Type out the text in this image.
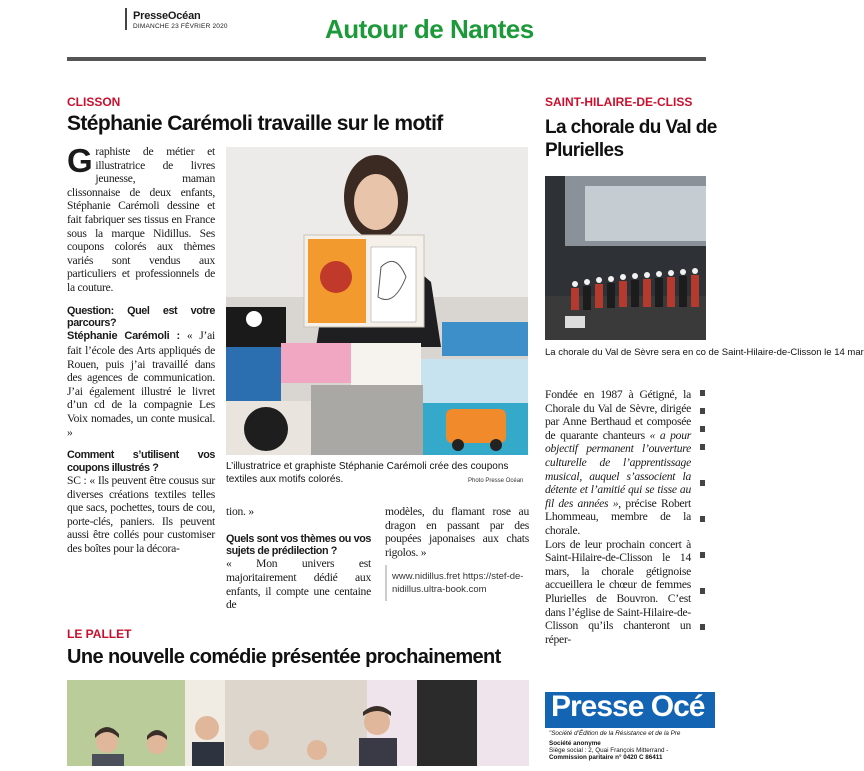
PresseOcéan
DIMANCHE 23 FÉVRIER 2020	Autour de Nantes
CLISSON
Stéphanie Carémoli travaille sur le motif
G raphiste de métier et illustratrice de livres jeunesse, maman clissonnaise de deux enfants, Stéphanie Carémoli dessine et fait fabriquer ses tissus en France sous la marque Nidillus. Ses coupons colorés aux thèmes variés sont vendus aux particuliers et professionnels de la couture.

Question: Quel est votre parcours?

Stéphanie Carémoli : « J’ai fait l’école des Arts appliqués de Rouen, puis j’ai travaillé dans des agences de communication. J’ai également illustré le livret d’un cd de la compagnie Les Voix nomades, un conte musical. »

Comment s’utilisent vos coupons illustrés ?

SC : « Ils peuvent être cousus sur diverses créations textiles telles que sacs, pochettes, tours de cou, porte-clés, paniers. Ils peuvent aussi être collés pour customiser des boîtes pour la décora-

L’illustratrice et graphiste Stéphanie Carémoli crée des coupons textiles aux motifs colorés.	Photo Presse Océan

tion. »

Quels sont vos thèmes ou vos sujets de prédilection ?

« Mon univers est majoritairement dédié aux enfants, il compte une centaine de

modèles, du flamant rose au dragon en passant par des poupées japonaises aux chats rigolos. »

www.nidillus.fret https://stef-de-nidillus.ultra-book.com
SAINT-HILAIRE-DE-CLISS
La chorale du Val de
Plurielles
La chorale du Val de Sèvre sera en co de Saint-Hilaire-de-Clisson le 14 mar

Fondée en 1987 à Gétigné, la Chorale du Val de Sèvre, dirigée par Anne Berthaud et composée de quarante chanteurs « a pour objectif permanent l’ouverture culturelle de l’apprentissage musical, auquel s’associent la détente et l’amitié qui se tisse au fil des années », précise Robert Lhommeau, membre de la chorale.

Lors de leur prochain concert à Saint-Hilaire-de-Clisson le 14 mars, la chorale gétignoise accueillera le chœur de femmes Plurielles de Bouvron. C’est dans l’église de Saint-Hilaire-de-Clisson qu’ils chanteront un réper-

Presse Océ
"Société d’Édition de la Résistance et de la Pre
Société anonyme
Siège social : 2, Quai François Mitterrand -
Commission paritaire n° 0420 C 86411
LE PALLET
Une nouvelle comédie présentée prochainement
